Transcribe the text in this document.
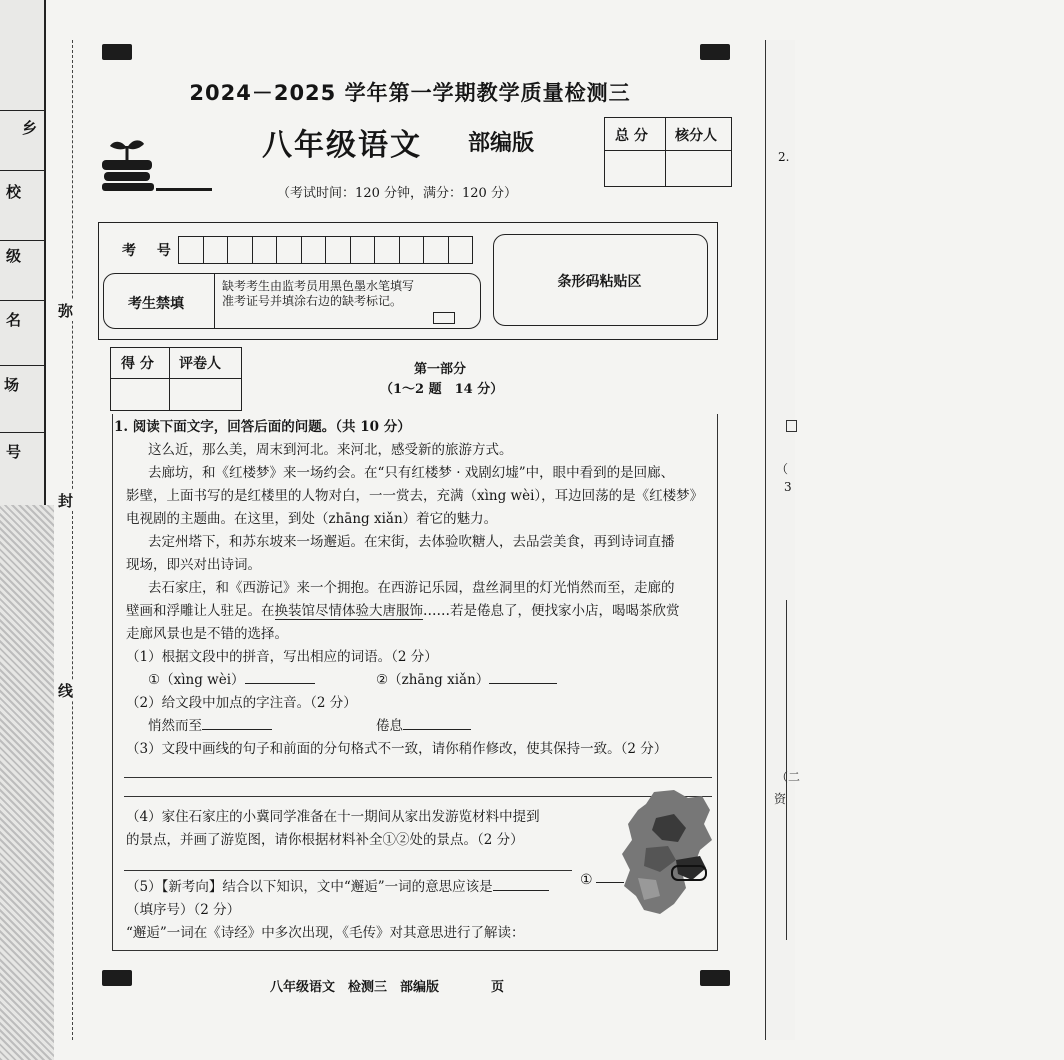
乡
校
级
名
场
号
弥
封
线
2024－2025 学年第一学期教学质量检测三
八年级语文 部编版
（考试时间：120 分钟，满分：120 分）
总 分 核分人
考 号
考生禁填
缺考考生由监考员用黑色墨水笔填写准考证号并填涂右边的缺考标记。
条形码粘贴区
得 分 评卷人	第一部分
（1～2 题　14 分）
1. 阅读下面文字，回答后面的问题。（共 10 分）
这么近，那么美，周末到河北。来河北，感受新的旅游方式。
去廊坊，和《红楼梦》来一场约会。在“只有红楼梦 · 戏剧幻墟”中，眼中看到的是回廊、
影壁，上面书写的是红楼里的人物对白，一一赏去，充满（xìng wèi），耳边回荡的是《红楼梦》
电视剧的主题曲。在这里，到处（zhāng xiǎn）着它的魅力。
去定州塔下，和苏东坡来一场邂逅。在宋街，去体验吹糖人，去品尝美食，再到诗词直播
现场，即兴对出诗词。
去石家庄，和《西游记》来一个拥抱。在西游记乐园，盘丝洞里的灯光悄然而至，走廊的
壁画和浮雕让人驻足。在换装馆尽情体验大唐服饰……若是倦息了，便找家小店，喝喝茶欣赏
走廊风景也是不错的选择。
（1）根据文段中的拼音，写出相应的词语。（2 分）
①（xìng wèi）	②（zhāng xiǎn）
（2）给文段中加点的字注音。（2 分）
悄然而至	倦息
（3）文段中画线的句子和前面的分句格式不一致，请你稍作修改，使其保持一致。（2 分）
（4）家住石家庄的小冀同学准备在十一期间从家出发游览材料中提到
的景点，并画了游览图，请你根据材料补全①②处的景点。（2 分）
（5）【新考向】结合以下知识，文中“邂逅”一词的意思应该是
（填序号）（2 分）
“邂逅”一词在《诗经》中多次出现，《毛传》对其意思进行了解读：
①
八年级语文　检测三　部编版　　　　页
2.
3
（
（二
资
